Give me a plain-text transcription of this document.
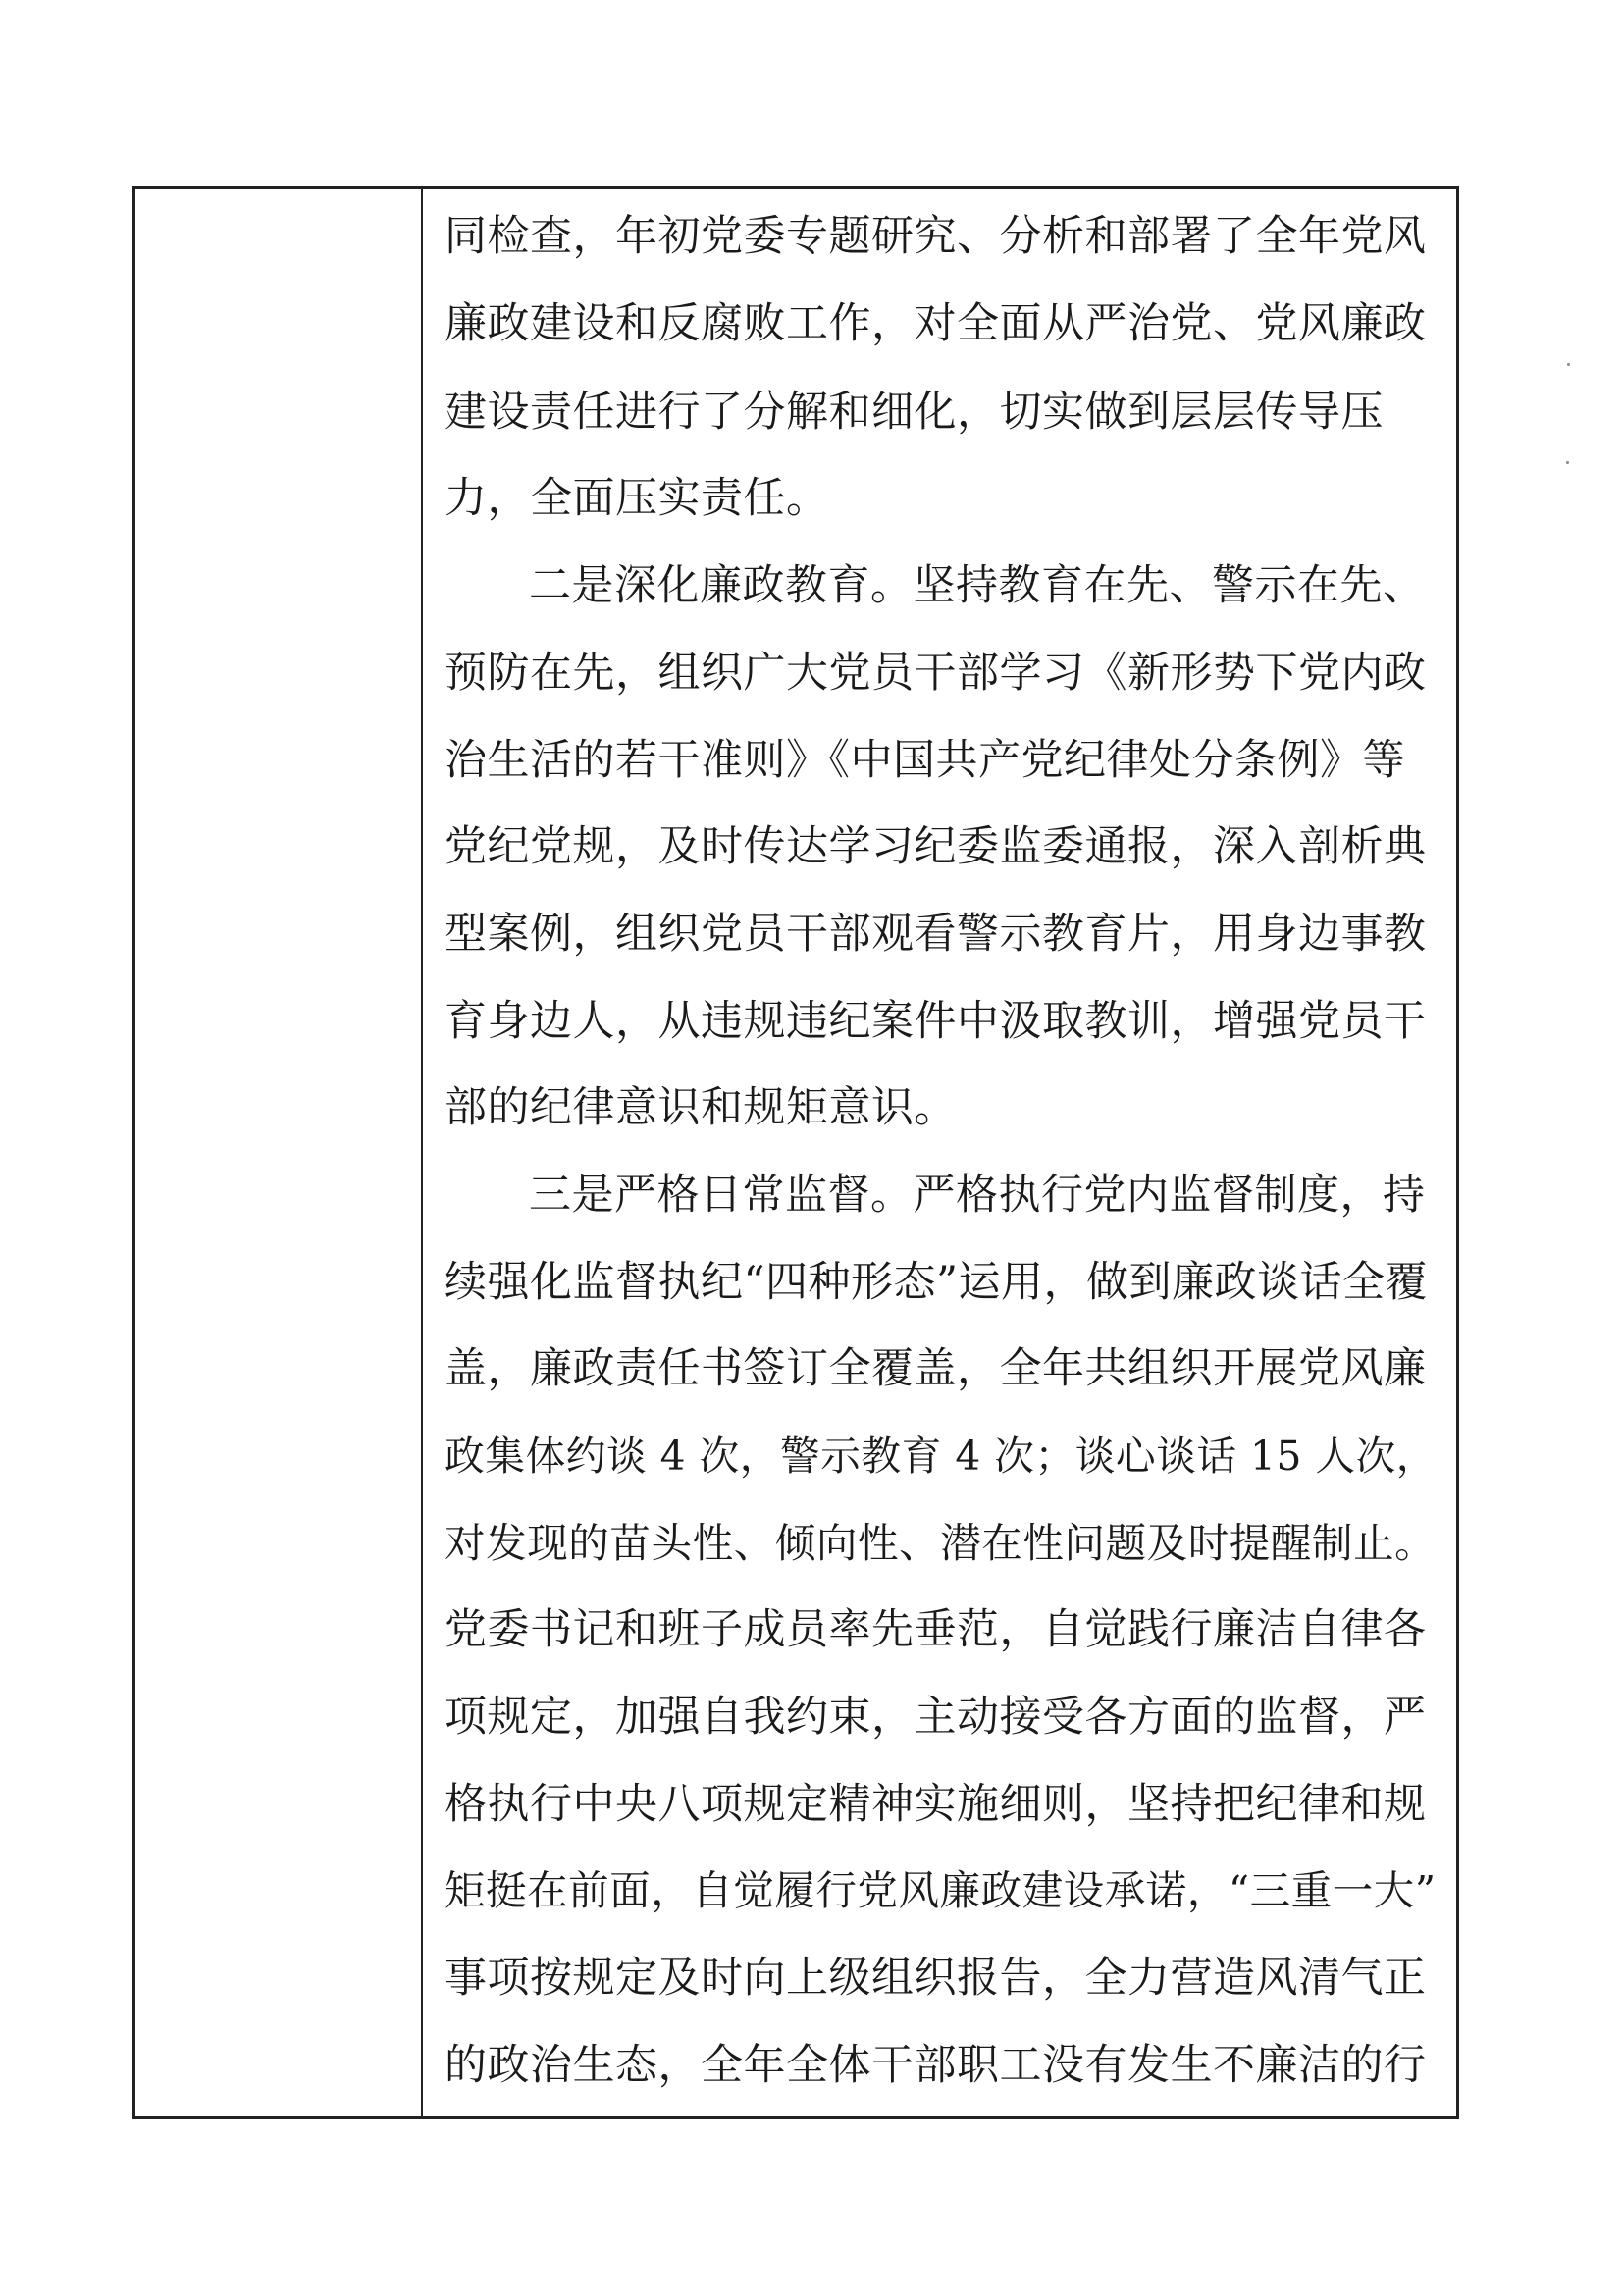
同检查，年初党委专题研究、分析和部署了全年党风
廉政建设和反腐败工作，对全面从严治党、党风廉政
建设责任进行了分解和细化，切实做到层层传导压
力，全面压实责任。
二是深化廉政教育。坚持教育在先、警示在先、
预防在先，组织广大党员干部学习《新形势下党内政
治生活的若干准则》《中国共产党纪律处分条例》等
党纪党规，及时传达学习纪委监委通报，深入剖析典
型案例，组织党员干部观看警示教育片，用身边事教
育身边人，从违规违纪案件中汲取教训，增强党员干
部的纪律意识和规矩意识。
三是严格日常监督。严格执行党内监督制度，持
续强化监督执纪“四种形态”运用，做到廉政谈话全覆
盖，廉政责任书签订全覆盖，全年共组织开展党风廉
政集体约谈 4 次，警示教育 4 次；谈心谈话 15 人次，
对发现的苗头性、倾向性、潜在性问题及时提醒制止。
党委书记和班子成员率先垂范，自觉践行廉洁自律各
项规定，加强自我约束，主动接受各方面的监督，严
格执行中央八项规定精神实施细则，坚持把纪律和规
矩挺在前面，自觉履行党风廉政建设承诺，“三重一大”
事项按规定及时向上级组织报告，全力营造风清气正
的政治生态，全年全体干部职工没有发生不廉洁的行
